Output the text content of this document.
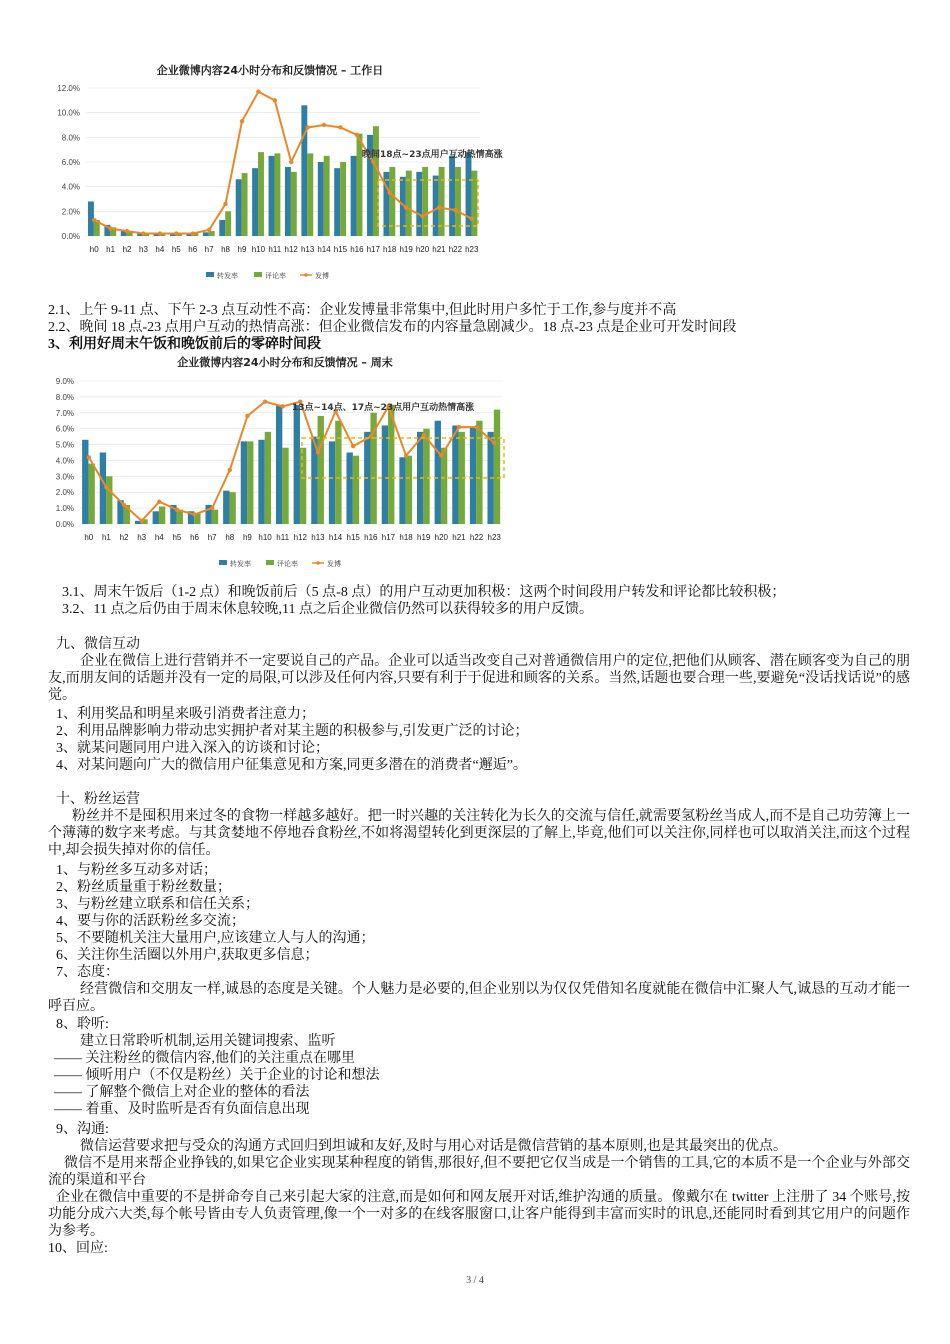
企业微博内容24小时分布和反馈情况 – 工作日
0.0%
2.0%
4.0%
6.0%
8.0%
10.0%
12.0%
h0 h1 h2 h3 h4 h5 h6 h7 h8 h9 h10 h11 h12 h13 h14 h15 h16 h17 h18 h19 h20 h21 h22 h23
晚间18点~23点用户互动热情高涨
转发率	评论率	发博
2.1、上午 9-11 点、下午 2-3 点互动性不高：企业发博量非常集中,但此时用户多忙于工作,参与度并不高
2.2、晚间 18 点-23 点用户互动的热情高涨：但企业微信发布的内容量急剧减少。18 点-23 点是企业可开发时间段
3、利用好周末午饭和晚饭前后的零碎时间段
企业微博内容24小时分布和反馈情况 – 周末
0.0%
1.0%
2.0%
3.0%
4.0%
5.0%
6.0%
7.0%
8.0%
9.0%
h0 h1 h2 h3 h4 h5 h6 h7 h8 h9 h10 h11 h12 h13 h14 h15 h16 h17 h18 h19 h20 h21 h22 h23
13点~14点、17点~23点用户互动热情高涨
转发率	评论率	发博
3.1、周末午饭后（1-2 点）和晚饭前后（5 点-8 点）的用户互动更加积极：这两个时间段用户转发和评论都比较积极；
3.2、11 点之后仍由于周末休息较晚,11 点之后企业微信仍然可以获得较多的用户反馈。
九、微信互动
企业在微信上进行营销并不一定要说自己的产品。企业可以适当改变自己对普通微信用户的定位,把他们从顾客、潜在顾客变为自己的朋友,而朋友间的话题并没有一定的局限,可以涉及任何内容,只要有利于于促进和顾客的关系。当然,话题也要合理一些,要避免“没话找话说”的感觉。
1、利用奖品和明星来吸引消费者注意力；
2、利用品牌影响力带动忠实拥护者对某主题的积极参与,引发更广泛的讨论；
3、就某问题同用户进入深入的访谈和讨论；
4、对某问题向广大的微信用户征集意见和方案,同更多潜在的消费者“邂逅”。
十、粉丝运营
粉丝并不是囤积用来过冬的食物一样越多越好。把一时兴趣的关注转化为长久的交流与信任,就需要氢粉丝当成人,而不是自己功劳簿上一个薄薄的数字来考虑。与其贪婪地不停地吞食粉丝,不如将渴望转化到更深层的了解上,毕竟,他们可以关注你,同样也可以取消关注,而这个过程中,却会损失掉对你的信任。
1、与粉丝多互动多对话；
2、粉丝质量重于粉丝数量；
3、与粉丝建立联系和信任关系；
4、要与你的活跃粉丝多交流；
5、不要随机关注大量用户,应该建立人与人的沟通；
6、关注你生活圈以外用户,获取更多信息；
7、态度：
经营微信和交朋友一样,诚恳的态度是关键。个人魅力是必要的,但企业别以为仅仅凭借知名度就能在微信中汇聚人气,诚恳的互动才能一呼百应。
8、聆听:
建立日常聆听机制,运用关键词搜索、监听
—— 关注粉丝的微信内容,他们的关注重点在哪里
—— 倾听用户（不仅是粉丝）关于企业的讨论和想法
—— 了解整个微信上对企业的整体的看法
—— 着重、及时监听是否有负面信息出现
9、沟通:
微信运营要求把与受众的沟通方式回归到坦诚和友好,及时与用心对话是微信营销的基本原则,也是其最突出的优点。
微信不是用来帮企业挣钱的,如果它企业实现某种程度的销售,那很好,但不要把它仅当成是一个销售的工具,它的本质不是一个企业与外部交流的渠道和平台
企业在微信中重要的不是拼命夸自己来引起大家的注意,而是如何和网友展开对话,维护沟通的质量。像戴尔在 twitter 上注册了 34 个账号,按功能分成六大类,每个帐号皆由专人负责管理,像一个一对多的在线客服窗口,让客户能得到丰富而实时的讯息,还能同时看到其它用户的问题作为参考。
10、回应:
3 / 4
